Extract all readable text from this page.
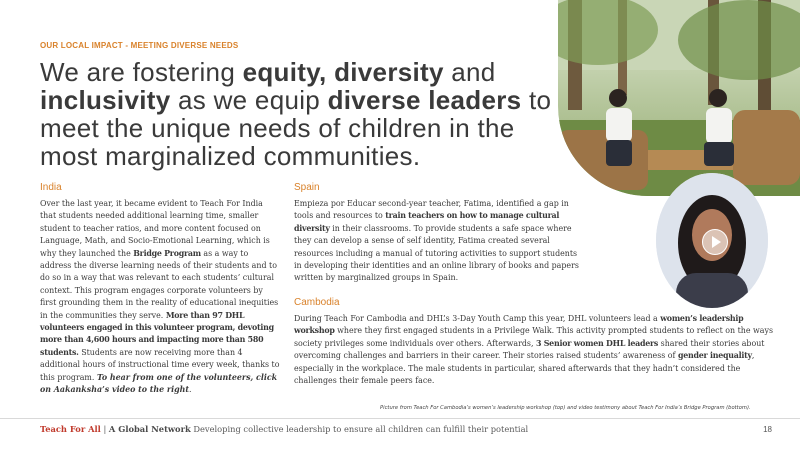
OUR LOCAL IMPACT - MEETING DIVERSE NEEDS
We are fostering equity, diversity and inclusivity as we equip diverse leaders to meet the unique needs of children in the most marginalized communities.
India
Over the last year, it became evident to Teach For India that students needed additional learning time, smaller student to teacher ratios, and more content focused on Language, Math, and Socio-Emotional Learning, which is why they launched the Bridge Program as a way to address the diverse learning needs of their students and to do so in a way that was relevant to each students’ cultural context. This program engages corporate volunteers by first grounding them in the reality of educational inequities in the communities they serve. More than 97 DHL volunteers engaged in this volunteer program, devoting more than 4,600 hours and impacting more than 580 students. Students are now receiving more than 4 additional hours of instructional time every week, thanks to this program. To hear from one of the volunteers, click on Aakanksha’s video to the right.
Spain
Empieza por Educar second-year teacher, Fatima, identified a gap in tools and resources to train teachers on how to manage cultural diversity in their classrooms. To provide students a safe space where they can develop a sense of self identity, Fatima created several resources including a manual of tutoring activities to support students in developing their identities and an online library of books and papers written by marginalized groups in Spain.
Cambodia
During Teach For Cambodia and DHL’s 3-Day Youth Camp this year, DHL volunteers lead a women’s leadership workshop where they first engaged students in a Privilege Walk. This activity prompted students to reflect on the ways society privileges some individuals over others. Afterwards, 3 Senior women DHL leaders shared their stories about overcoming challenges and barriers in their career. Their stories raised students’ awareness of gender inequality, especially in the workplace. The male students in particular, shared afterwards that they hadn’t considered the challenges their female peers face.
Picture from Teach For Cambodia’s women’s leadership workshop (top) and video testimony about Teach For India’s Bridge Program (bottom).
Teach For All | A Global Network Developing collective leadership to ensure all children can fulfill their potential	18
